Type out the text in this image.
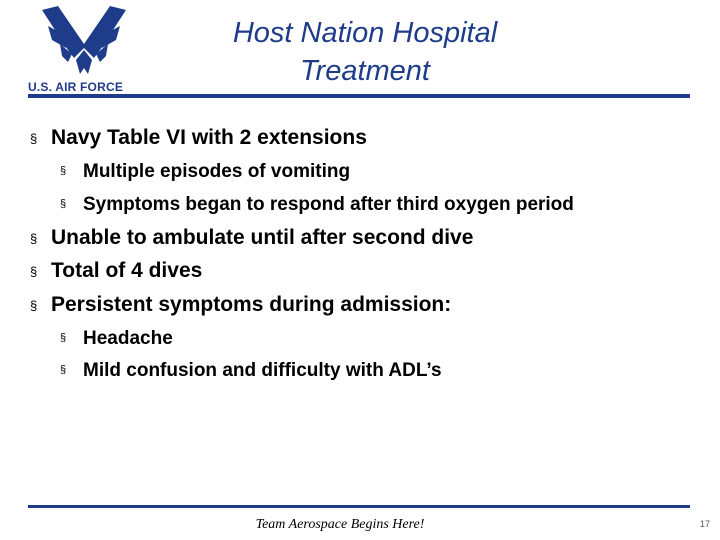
U.S. AIR FORCE
Host Nation Hospital
Treatment
§ Navy Table VI with 2 extensions
§ Multiple episodes of vomiting
§ Symptoms began to respond after third oxygen period
§ Unable to ambulate until after second dive
§ Total of 4 dives
§ Persistent symptoms during admission:
§ Headache
§ Mild confusion and difficulty with ADL’s
Team Aerospace Begins Here!	17
